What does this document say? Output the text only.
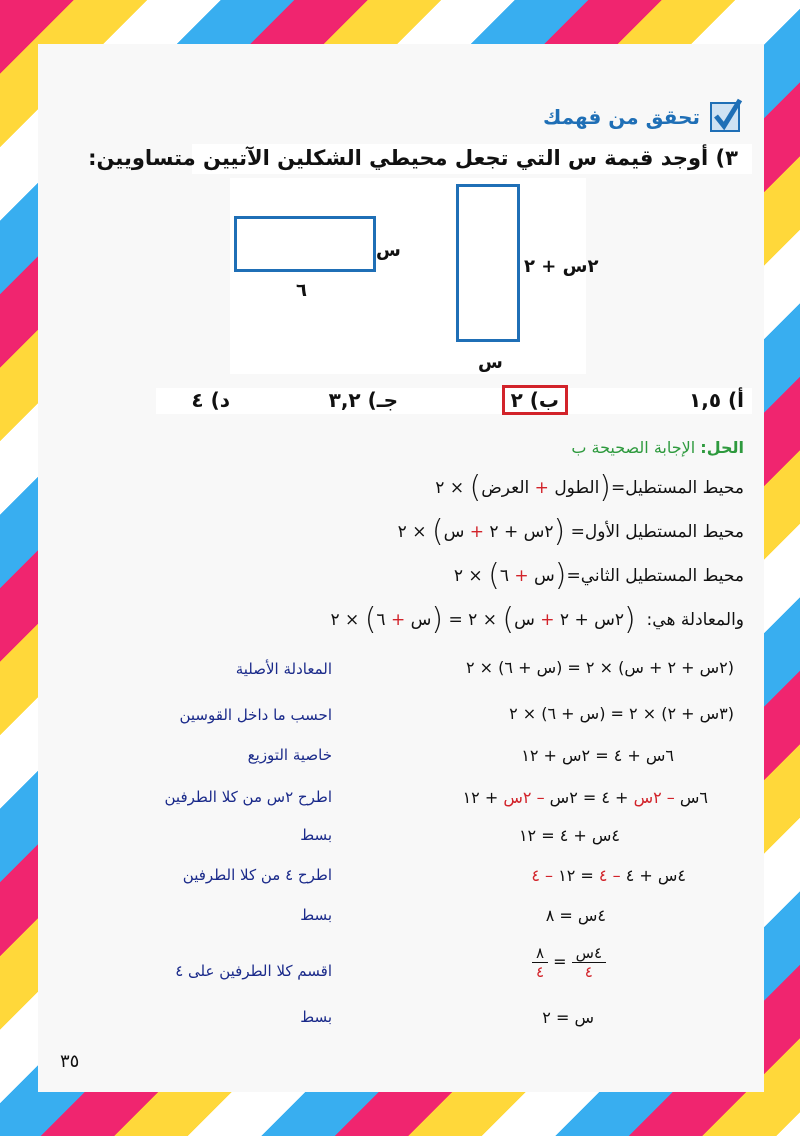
تحقق من فهمك
٣) أوجد قيمة س التي تجعل محيطي الشكلين الآتيين متساويين:
س
٦
٢س + ٢
س
أ) ١,٥
ب) ٢
جـ) ٣,٢
د) ٤
الحل: الإجابة الصحيحة ب
محيط المستطيل=(الطول + العرض) × ٢
محيط المستطيل الأول= (٢س + ٢ + س) × ٢
محيط المستطيل الثاني=(س + ٦) × ٢
والمعادلة هي:  (٢س + ٢ + س) × ٢ = (س + ٦) × ٢
(٢س + ٢ + س) × ٢ = (س + ٦) × ٢
المعادلة الأصلية
(٣س + ٢) × ٢ = (س + ٦) × ٢
احسب ما داخل القوسين
٦س + ٤ = ٢س + ١٢
خاصية التوزيع
٦س – ٢س + ٤ = ٢س – ٢س + ١٢
اطرح ٢س من كلا الطرفين
٤س + ٤ = ١٢
بسط
٤س + ٤ – ٤ = ١٢ – ٤
اطرح ٤ من كلا الطرفين
٤س = ٨
بسط
$\frac{\text{٤س}}{٤}$
=
$\frac{٨}{٤}$
اقسم كلا الطرفين على ٤
س = ٢
بسط
٣٥
